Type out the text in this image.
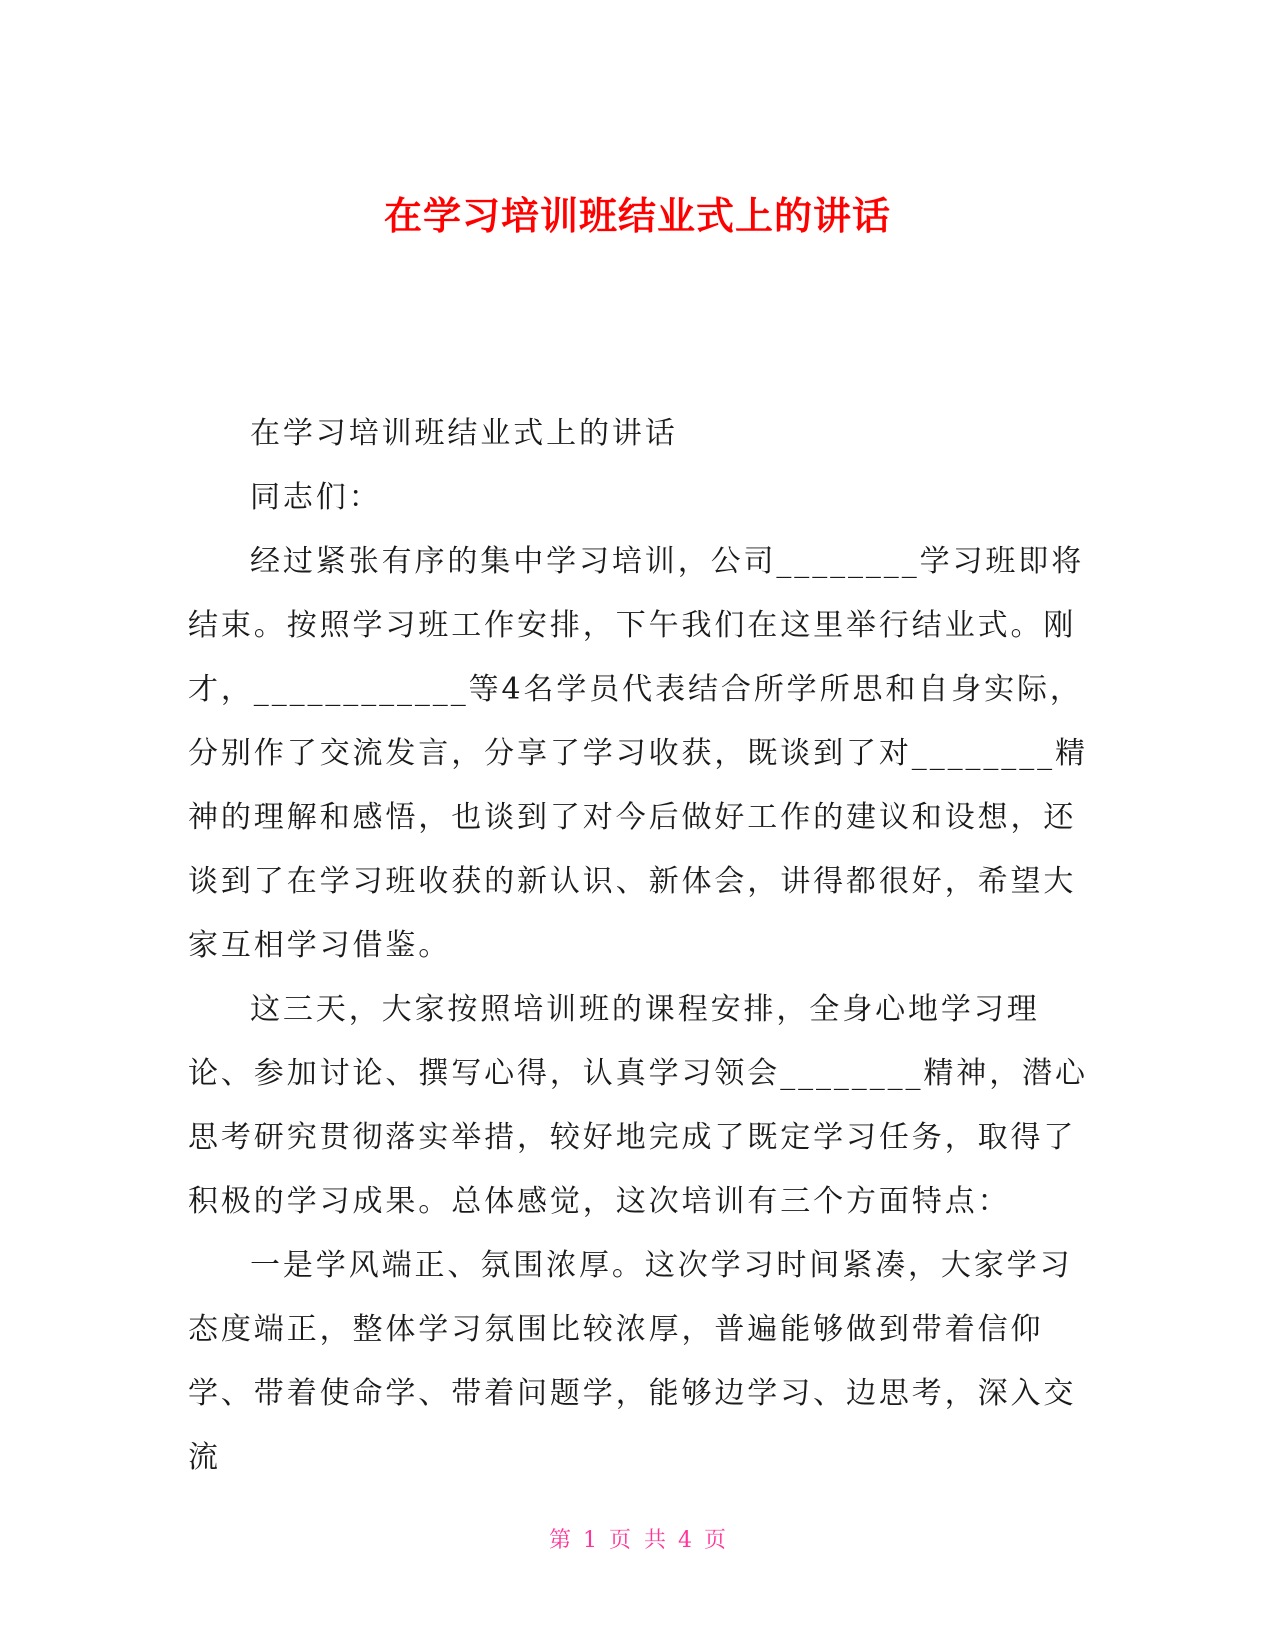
在学习培训班结业式上的讲话

在学习培训班结业式上的讲话

同志们：

经过紧张有序的集中学习培训，公司________学习班即将结束。按照学习班工作安排，下午我们在这里举行结业式。刚才，____________等4名学员代表结合所学所思和自身实际，分别作了交流发言，分享了学习收获，既谈到了对________精神的理解和感悟，也谈到了对今后做好工作的建议和设想，还谈到了在学习班收获的新认识、新体会，讲得都很好，希望大家互相学习借鉴。

这三天，大家按照培训班的课程安排，全身心地学习理论、参加讨论、撰写心得，认真学习领会________精神，潜心思考研究贯彻落实举措，较好地完成了既定学习任务，取得了积极的学习成果。总体感觉，这次培训有三个方面特点：

一是学风端正、氛围浓厚。这次学习时间紧凑，大家学习态度端正，整体学习氛围比较浓厚，普遍能够做到带着信仰学、带着使命学、带着问题学，能够边学习、边思考，深入交流

第 1 页 共 4 页
